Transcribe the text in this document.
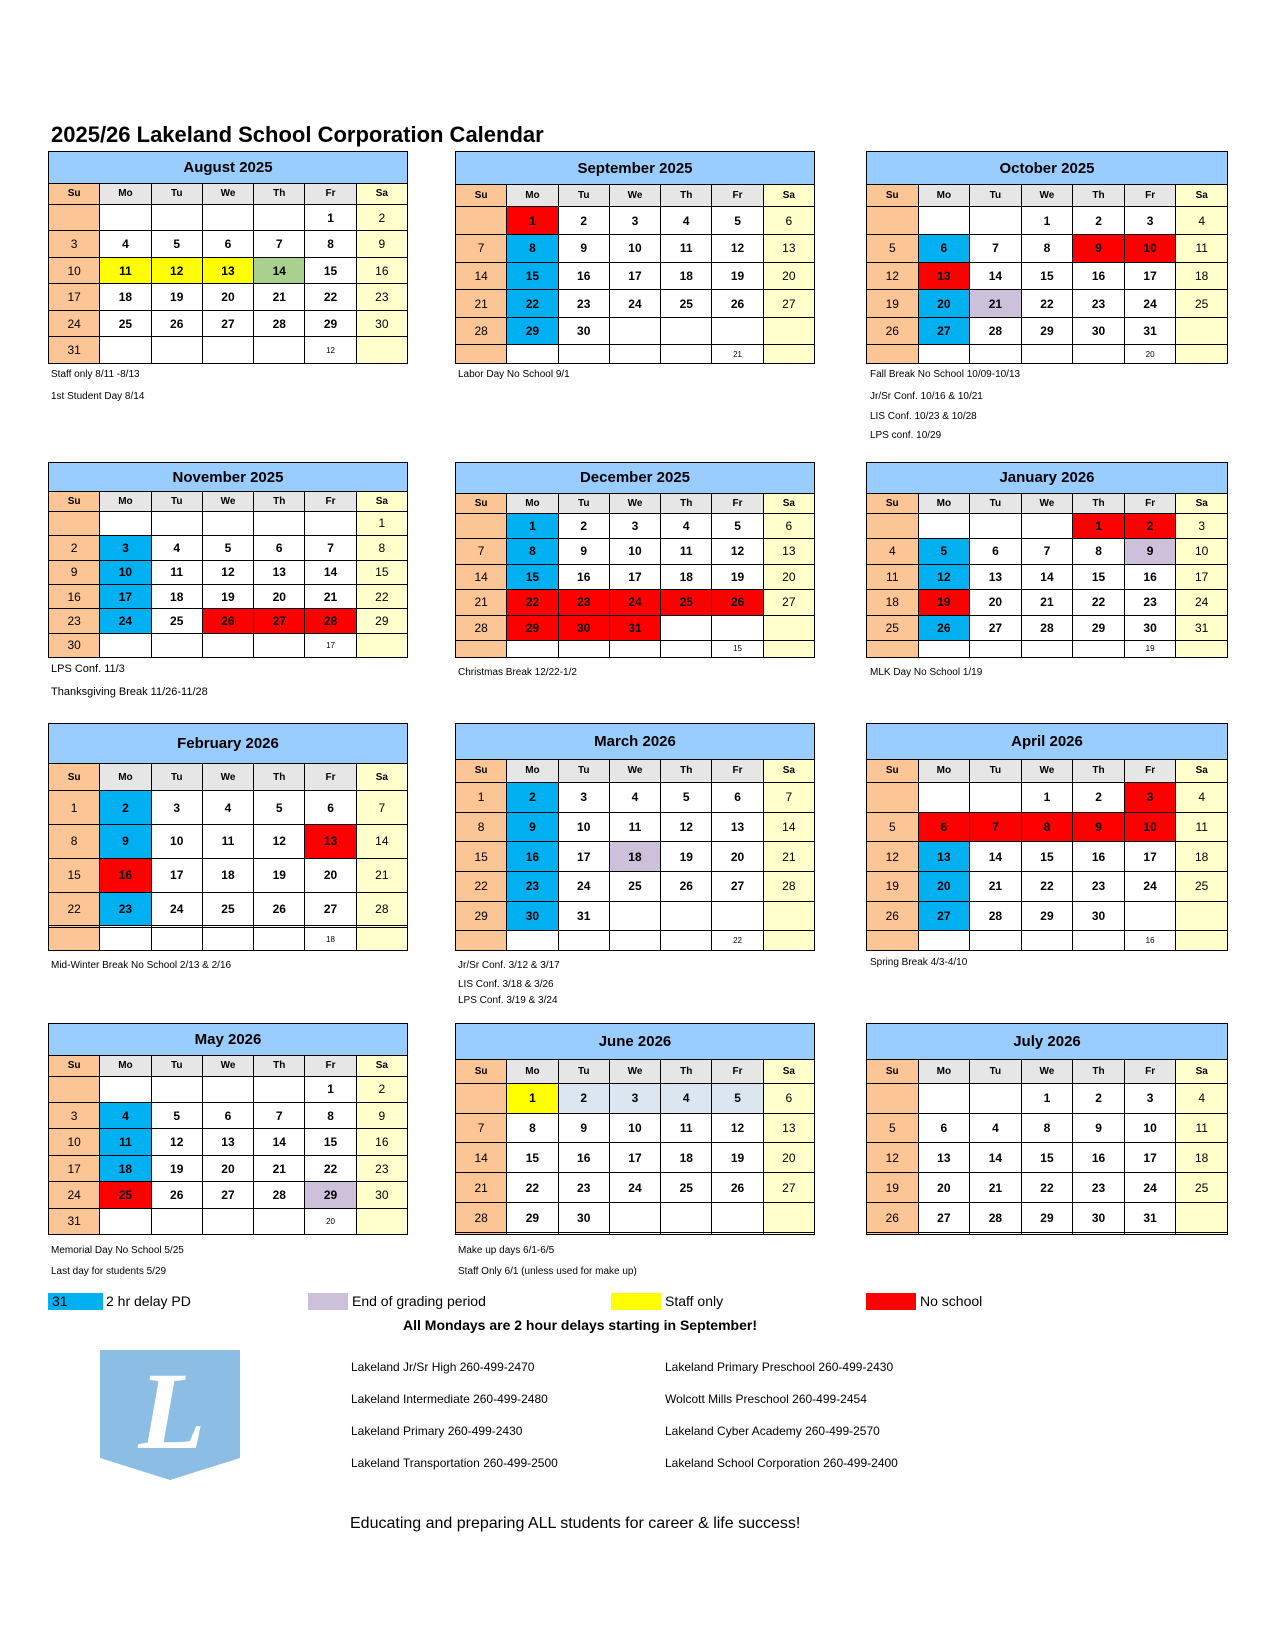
2025/26 Lakeland School Corporation Calendar
August 2025						
Su	Mo	Tu	We	Th	Fr	Sa
					1	2
3	4	5	6	7	8	9
10	11	12	13	14	15	16
17	18	19	20	21	22	23
24	25	26	27	28	29	30
31					12	
September 2025						
Su	Mo	Tu	We	Th	Fr	Sa
	1	2	3	4	5	6
7	8	9	10	11	12	13
14	15	16	17	18	19	20
21	22	23	24	25	26	27
28	29	30				
					21	
October 2025						
Su	Mo	Tu	We	Th	Fr	Sa
			1	2	3	4
5	6	7	8	9	10	11
12	13	14	15	16	17	18
19	20	21	22	23	24	25
26	27	28	29	30	31	
					20	
November 2025						
Su	Mo	Tu	We	Th	Fr	Sa
						1
2	3	4	5	6	7	8
9	10	11	12	13	14	15
16	17	18	19	20	21	22
23	24	25	26	27	28	29
30					17	
December 2025						
Su	Mo	Tu	We	Th	Fr	Sa
	1	2	3	4	5	6
7	8	9	10	11	12	13
14	15	16	17	18	19	20
21	22	23	24	25	26	27
28	29	30	31			
					15	
January 2026						
Su	Mo	Tu	We	Th	Fr	Sa
				1	2	3
4	5	6	7	8	9	10
11	12	13	14	15	16	17
18	19	20	21	22	23	24
25	26	27	28	29	30	31
					19	
February 2026						
Su	Mo	Tu	We	Th	Fr	Sa
1	2	3	4	5	6	7
8	9	10	11	12	13	14
15	16	17	18	19	20	21
22	23	24	25	26	27	28

					18	
March 2026						
Su	Mo	Tu	We	Th	Fr	Sa
1	2	3	4	5	6	7
8	9	10	11	12	13	14
15	16	17	18	19	20	21
22	23	24	25	26	27	28
29	30	31				
					22	
April 2026						
Su	Mo	Tu	We	Th	Fr	Sa
			1	2	3	4
5	6	7	8	9	10	11
12	13	14	15	16	17	18
19	20	21	22	23	24	25
26	27	28	29	30		
					16	
May 2026						
Su	Mo	Tu	We	Th	Fr	Sa
					1	2
3	4	5	6	7	8	9
10	11	12	13	14	15	16
17	18	19	20	21	22	23
24	25	26	27	28	29	30
31					20	
June 2026						
Su	Mo	Tu	We	Th	Fr	Sa
	1	2	3	4	5	6
7	8	9	10	11	12	13
14	15	16	17	18	19	20
21	22	23	24	25	26	27
28	29	30				

July 2026						
Su	Mo	Tu	We	Th	Fr	Sa
			1	2	3	4
5	6	4	8	9	10	11
12	13	14	15	16	17	18
19	20	21	22	23	24	25
26	27	28	29	30	31	

Staff only 8/11 -8/13
1st Student Day 8/14
Labor Day No School 9/1	Fall Break No School 10/09-10/13
Jr/Sr Conf. 10/16 & 10/21
LIS Conf. 10/23 & 10/28
LPS conf. 10/29
LPS Conf. 11/3
Thanksgiving Break 11/26-11/28
Christmas Break 12/22-1/2	MLK Day No School 1/19
Mid-Winter Break No School 2/13 & 2/16	Jr/Sr Conf. 3/12 & 3/17
LIS Conf. 3/18 & 3/26
LPS Conf. 3/19 & 3/24
Spring Break 4/3-4/10
Memorial Day No School 5/25
Last day for students 5/29
Make up days 6/1-6/5
Staff Only 6/1 (unless used for make up)
31	2 hr delay PD	End of grading period	Staff only	No school
All Mondays are 2 hour delays starting in September!
L	Lakeland Jr/Sr High 260-499-2470
Lakeland Intermediate 260-499-2480
Lakeland Primary 260-499-2430
Lakeland Transportation 260-499-2500
Lakeland Primary Preschool 260-499-2430
Wolcott Mills Preschool 260-499-2454
Lakeland Cyber Academy 260-499-2570
Lakeland School Corporation 260-499-2400
Educating and preparing ALL students for career & life success!
